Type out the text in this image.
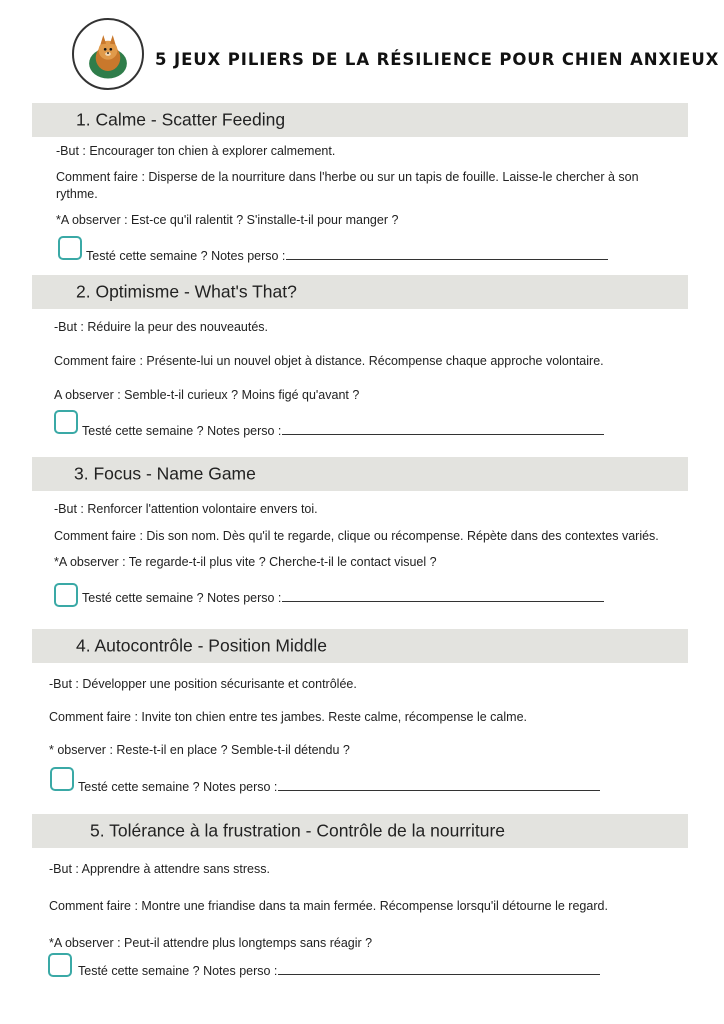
5 JEUX PILIERS DE LA RÉSILIENCE POUR CHIEN ANXIEUX
1. Calme - Scatter Feeding
-But : Encourager ton chien à explorer calmement.
Comment faire : Disperse de la nourriture dans l'herbe ou sur un tapis de fouille. Laisse-le chercher à son rythme.
*A observer : Est-ce qu'il ralentit ? S'installe-t-il pour manger ?
Testé cette semaine ? Notes perso :
2. Optimisme - What's That?
-But : Réduire la peur des nouveautés.
Comment faire : Présente-lui un nouvel objet à distance. Récompense chaque approche volontaire.
A observer : Semble-t-il curieux ? Moins figé qu'avant ?
Testé cette semaine ? Notes perso :
3. Focus - Name Game
-But : Renforcer l'attention volontaire envers toi.
Comment faire : Dis son nom. Dès qu'il te regarde, clique ou récompense. Répète dans des contextes variés.
*A observer : Te regarde-t-il plus vite ? Cherche-t-il le contact visuel ?
Testé cette semaine ? Notes perso :
4. Autocontrôle - Position Middle
-But : Développer une position sécurisante et contrôlée.
Comment faire : Invite ton chien entre tes jambes. Reste calme, récompense le calme.
* observer : Reste-t-il en place ? Semble-t-il détendu ?
Testé cette semaine ? Notes perso :
5. Tolérance à la frustration - Contrôle de la nourriture
-But : Apprendre à attendre sans stress.
Comment faire : Montre une friandise dans ta main fermée. Récompense lorsqu'il détourne le regard.
*A observer : Peut-il attendre plus longtemps sans réagir ?
Testé cette semaine ? Notes perso :
